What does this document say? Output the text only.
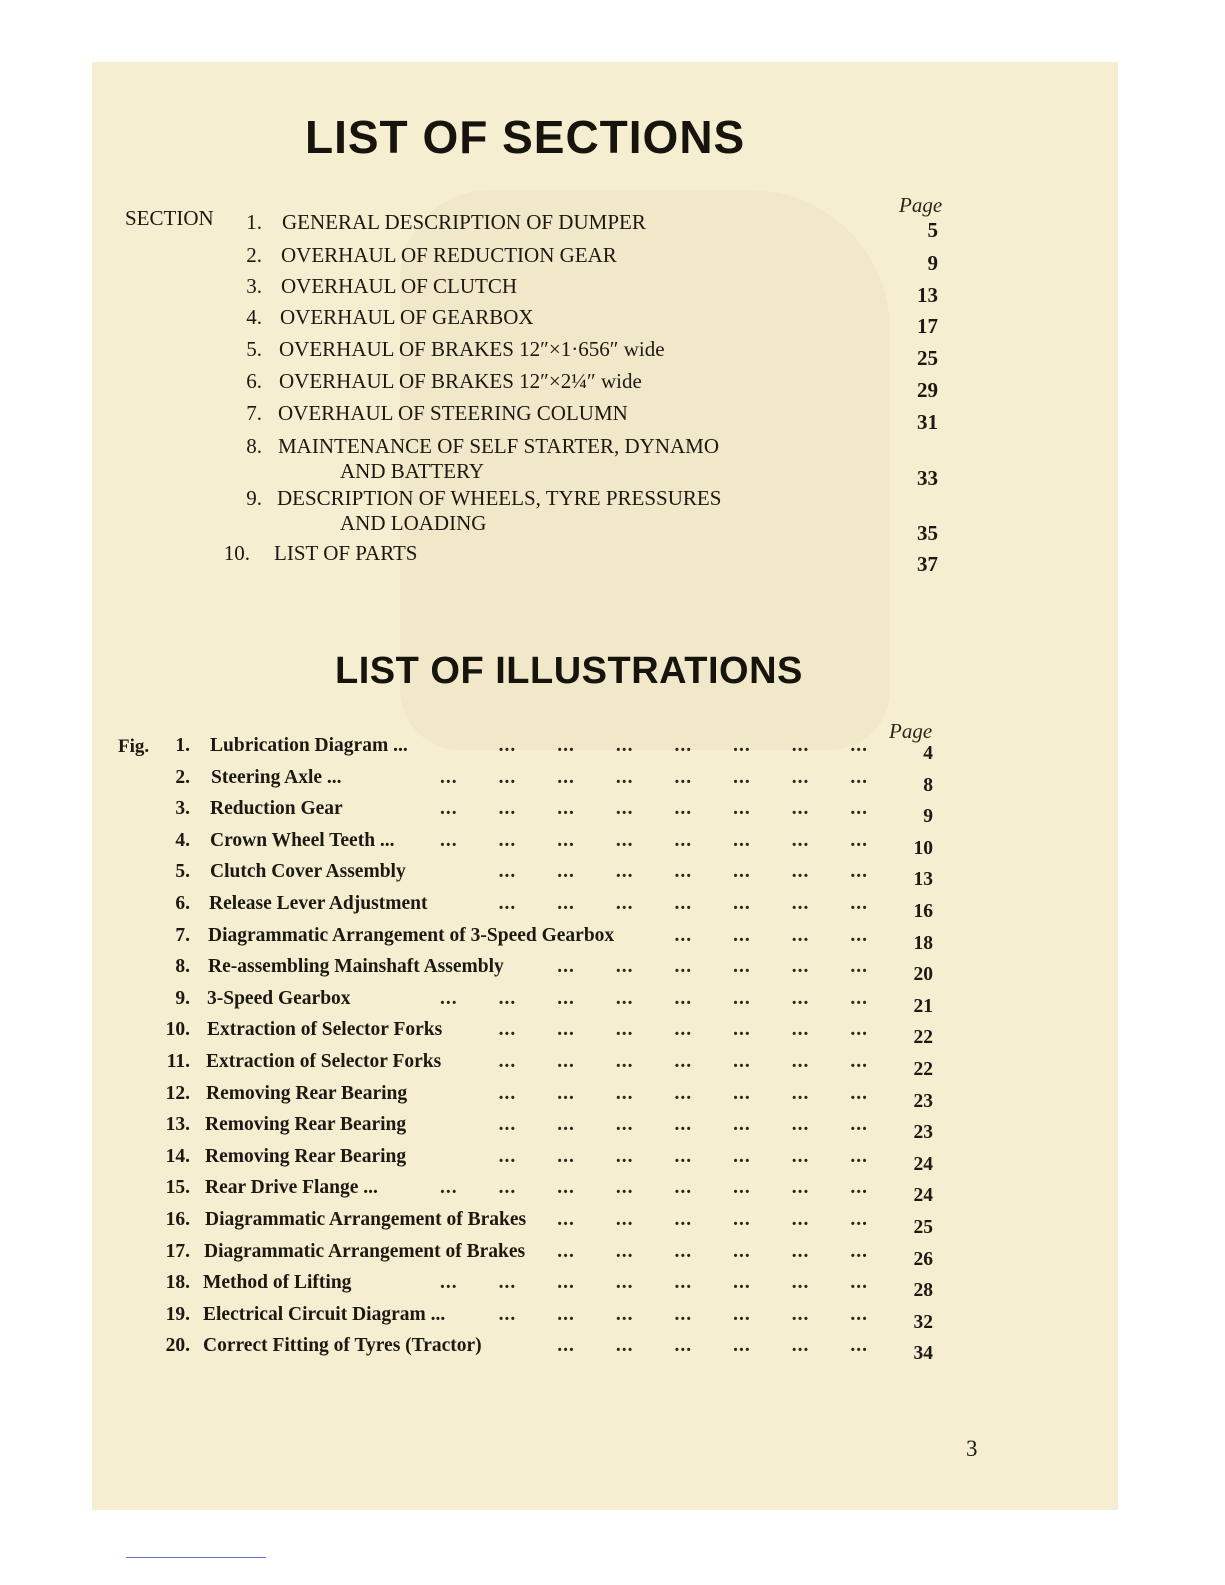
LIST OF SECTIONS
Page
SECTION	1. GENERAL DESCRIPTION OF DUMPER	5
2. OVERHAUL OF REDUCTION GEAR	9
3. OVERHAUL OF CLUTCH	13
4. OVERHAUL OF GEARBOX	17
5. OVERHAUL OF BRAKES 12″×1·656″ wide	25
6. OVERHAUL OF BRAKES 12″×2¼″ wide	29
7. OVERHAUL OF STEERING COLUMN	31
8. MAINTENANCE OF SELF STARTER, DYNAMO
AND BATTERY	33
9. DESCRIPTION OF WHEELS, TYRE PRESSURES
AND LOADING	35
10. LIST OF PARTS	37
LIST OF ILLUSTRATIONS
Page
Fig.	1. Lubrication Diagram ...	...  ...  ...  ...  ...  ...  ...	4
2. Steering Axle ...	...  ...  ...  ...  ...  ...  ...  ...	8
3. Reduction Gear	...  ...  ...  ...  ...  ...  ...  ...	9
4. Crown Wheel Teeth ...	...  ...  ...  ...  ...  ...  ...  ...	10
5. Clutch Cover Assembly	...  ...  ...  ...  ...  ...  ...	13
6. Release Lever Adjustment	...  ...  ...  ...  ...  ...  ...	16
7. Diagrammatic Arrangement of 3-Speed Gearbox	...  ...  ...  ...	18
8. Re-assembling Mainshaft Assembly	...  ...  ...  ...  ...  ...	20
9. 3-Speed Gearbox	...  ...  ...  ...  ...  ...  ...  ...	21
10. Extraction of Selector Forks	...  ...  ...  ...  ...  ...  ...	22
11. Extraction of Selector Forks	...  ...  ...  ...  ...  ...  ...	22
12. Removing Rear Bearing	...  ...  ...  ...  ...  ...  ...	23
13. Removing Rear Bearing	...  ...  ...  ...  ...  ...  ...	23
14. Removing Rear Bearing	...  ...  ...  ...  ...  ...  ...	24
15. Rear Drive Flange ...	...  ...  ...  ...  ...  ...  ...  ...	24
16. Diagrammatic Arrangement of Brakes	...  ...  ...  ...  ...  ...	25
17. Diagrammatic Arrangement of Brakes	...  ...  ...  ...  ...  ...	26
18. Method of Lifting	...  ...  ...  ...  ...  ...  ...  ...	28
19. Electrical Circuit Diagram ...	...  ...  ...  ...  ...  ...  ...	32
20. Correct Fitting of Tyres (Tractor)	...  ...  ...  ...  ...  ...	34
3
